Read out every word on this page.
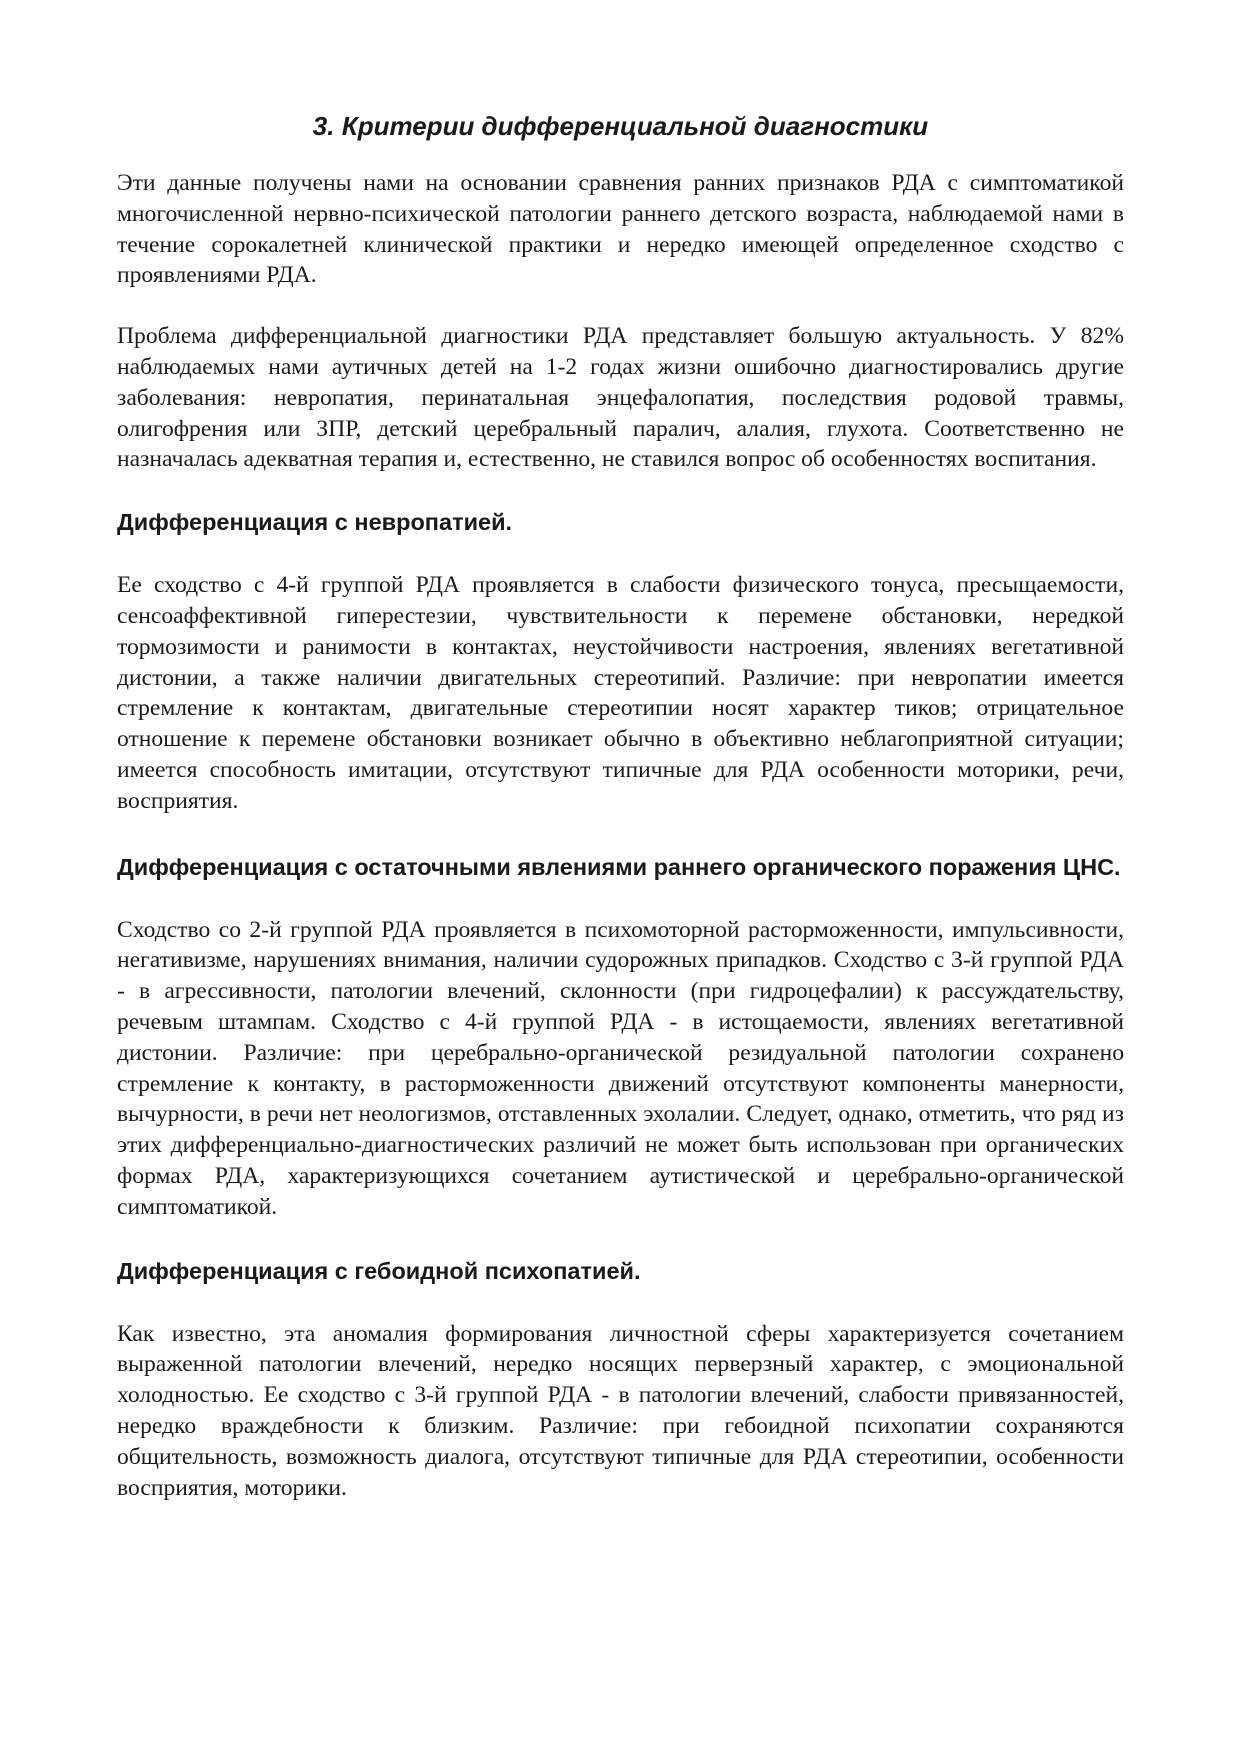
3. Критерии дифференциальной диагностики

Эти данные получены нами на основании сравнения ранних признаков РДА с симптоматикой многочисленной нервно-психической патологии раннего детского возраста, наблюдаемой нами в течение сорокалетней клинической практики и нередко имеющей определенное сходство с проявлениями РДА.

Проблема дифференциальной диагностики РДА представляет большую актуальность. У 82% наблюдаемых нами аутичных детей на 1-2 годах жизни ошибочно диагностировались другие заболевания: невропатия, перинатальная энцефалопатия, последствия родовой травмы, олигофрения или ЗПР, детский церебральный паралич, алалия, глухота. Соответственно не назначалась адекватная терапия и, естественно, не ставился вопрос об особенностях воспитания.

Дифференциация с невропатией.

Ее сходство с 4-й группой РДА проявляется в слабости физического тонуса, пресыщаемости, сенсоаффективной гиперестезии, чувствительности к перемене обстановки, нередкой тормозимости и ранимости в контактах, неустойчивости настроения, явлениях вегетативной дистонии, а также наличии двигательных стереотипий. Различие: при невропатии имеется стремление к контактам, двигательные стереотипии носят характер тиков; отрицательное отношение к перемене обстановки возникает обычно в объективно неблагоприятной ситуации; имеется способность имитации, отсутствуют типичные для РДА особенности моторики, речи, восприятия.

Дифференциация с остаточными явлениями раннего органического поражения ЦНС.

Сходство со 2-й группой РДА проявляется в психомоторной расторможенности, импульсивности, негативизме, нарушениях внимания, наличии судорожных припадков. Сходство с 3-й группой РДА - в агрессивности, патологии влечений, склонности (при гидроцефалии) к рассуждательству, речевым штампам. Сходство с 4-й группой РДА - в истощаемости, явлениях вегетативной дистонии. Различие: при церебрально-органической резидуальной патологии сохранено стремление к контакту, в расторможенности движений отсутствуют компоненты манерности, вычурности, в речи нет неологизмов, отставленных эхолалии. Следует, однако, отметить, что ряд из этих дифференциально-диагностических различий не может быть использован при органических формах РДА, характеризующихся сочетанием аутистической и церебрально-органической симптоматикой.

Дифференциация с гебоидной психопатией.

Как известно, эта аномалия формирования личностной сферы характеризуется сочетанием выраженной патологии влечений, нередко носящих перверзный характер, с эмоциональной холодностью. Ее сходство с 3-й группой РДА - в патологии влечений, слабости привязанностей, нередко враждебности к близким. Различие: при гебоидной психопатии сохраняются общительность, возможность диалога, отсутствуют типичные для РДА стереотипии, особенности восприятия, моторики.
